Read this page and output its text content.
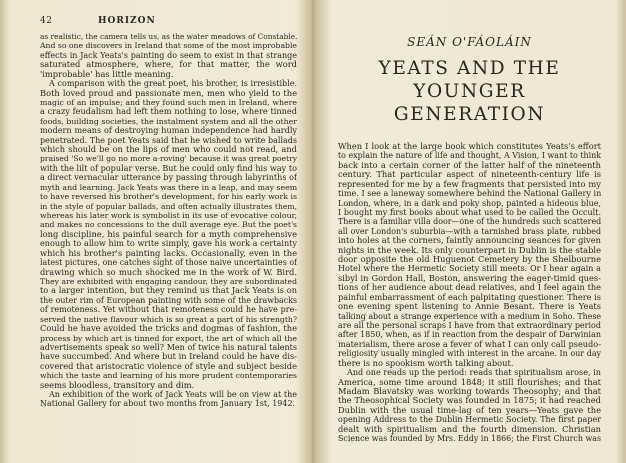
42	HORIZON
as realistic, the camera tells us, as the water meadows of Constable.
And so one discovers in Ireland that some of the most improbable
effects in Jack Yeats's painting do seem to exist in that strange
saturated atmosphere, where, for that matter, the word
'improbable' has little meaning.
A comparison with the great poet, his brother, is irresistible.
Both loved proud and passionate men, men who yield to the
magic of an impulse; and they found such men in Ireland, where
a crazy feudalism had left them nothing to lose, where tinned
foods, building societies, the instalment system and all the other
modern means of destroying human independence had hardly
penetrated. The poet Yeats said that he wished to write ballads
which should be on the lips of men who could not read, and
praised 'So we'll go no more a-roving' because it was great poetry
with the lilt of popular verse. But he could only find his way to
a direct vernacular utterance by passing through labyrinths of
myth and learning. Jack Yeats was there in a leap, and may seem
to have reversed his brother's development, for his early work is
in the style of popular ballads, and often actually illustrates them,
whereas his later work is symbolist in its use of evocative colour,
and makes no concessions to the dull average eye. But the poet's
long discipline, his painful search for a myth comprehensive
enough to allow him to write simply, gave his work a certainty
which his brother's painting lacks. Occasionally, even in the
latest pictures, one catches sight of those naive uncertainties of
drawing which so much shocked me in the work of W. Bird.
They are exhibited with engaging candour, they are subordinated
to a larger intention, but they remind us that Jack Yeats is on
the outer rim of European painting with some of the drawbacks
of remoteness. Yet without that remoteness could he have pre-
served the native flavour which is so great a part of his strength?
Could he have avoided the tricks and dogmas of fashion, the
process by which art is tinned for export, the art of which all the
advertisements speak so well? Men of twice his natural talents
have succumbed. And where but in Ireland could he have dis-
covered that aristocratic violence of style and subject beside
which the taste and learning of his more prudent contemporaries
seems bloodless, transitory and dim.
An exhibition of the work of Jack Yeats will be on view at the
National Gallery for about two months from January 1st, 1942.
SEÁN O'FÁOLÁIN
YEATS AND THE
YOUNGER GENERATION
When I look at the large book which constitutes Yeats's effort
to explain the nature of life and thought, A Vision, I want to think
back into a certain corner of the latter half of the nineteenth
century. That particular aspect of nineteenth-century life is
represented for me by a few fragments that persisted into my
time. I see a laneway somewhere behind the National Gallery in
London, where, in a dark and poky shop, painted a hideous blue,
I bought my first books about what used to be called the Occult.
There is a familiar villa door—one of the hundreds such scattered
all over London's suburbia—with a tarnished brass plate, rubbed
into holes at the corners, faintly announcing seances for given
nights in the week. Its only counterpart in Dublin is the stable
door opposite the old Huguenot Cemetery by the Shelbourne
Hotel where the Hermetic Society still meets. Or I hear again a
sibyl in Gordon Hall, Boston, answering the eager-timid ques-
tions of her audience about dead relatives, and I feel again the
painful embarrassment of each palpitating questioner. There is
one evening spent listening to Annie Besant. There is Yeats
talking about a strange experience with a medium in Soho. These
are all the personal scraps I have from that extraordinary period
after 1850, when, as if in reaction from the despair of Darwinian
materialism, there arose a fever of what I can only call pseudo-
religiosity usually mingled with interest in the arcane. In our day
there is no spookism worth talking about.
And one reads up the period: reads that spiritualism arose, in
America, some time around 1848; it still flourishes; and that
Madam Blavatsky was working towards Theosophy; and that
the Theosophical Society was founded in 1875; it had reached
Dublin with the usual time-lag of ten years—Yeats gave the
opening Address to the Dublin Hermetic Society. The first paper
dealt with spiritualism and the fourth dimension. Christian
Science was founded by Mrs. Eddy in 1866; the First Church was
